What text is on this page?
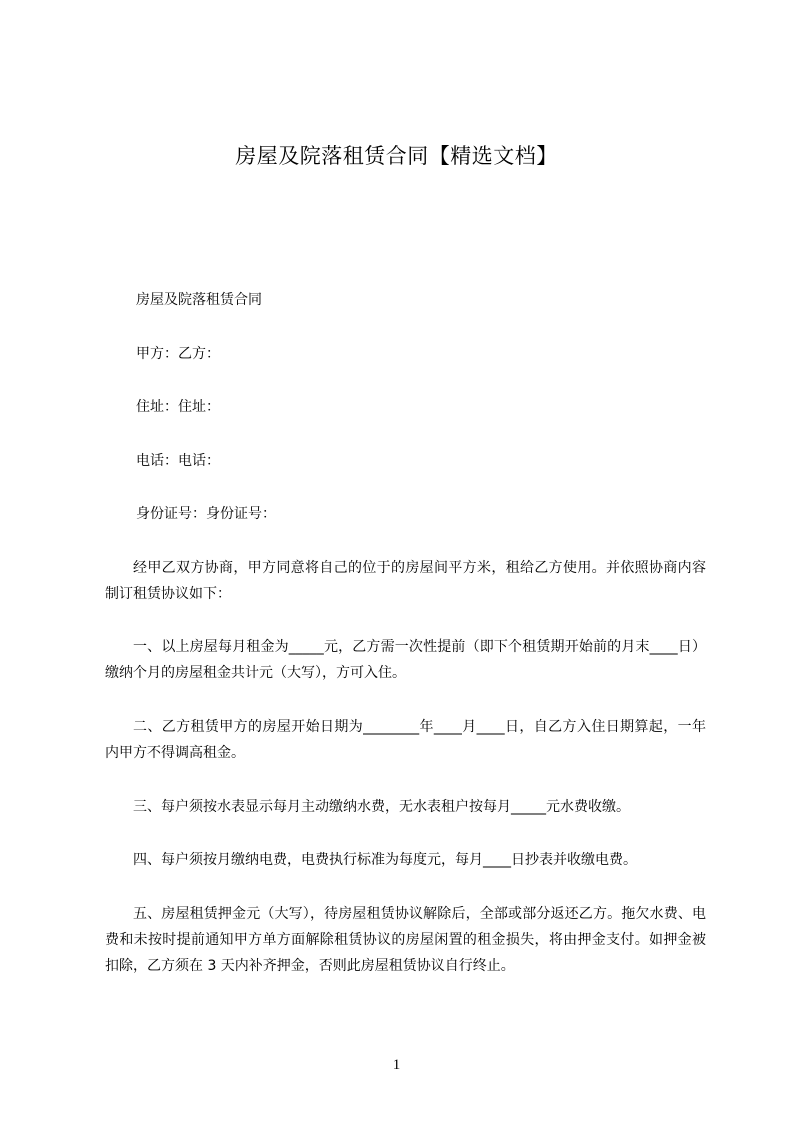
房屋及院落租赁合同【精选文档】
房屋及院落租赁合同
甲方：乙方：
住址：住址：
电话：电话：
身份证号：身份证号：
经甲乙双方协商，甲方同意将自己的位于的房屋间平方米，租给乙方使用。并依照协商内容制订租赁协议如下：
一、以上房屋每月租金为_____元，乙方需一次性提前（即下个租赁期开始前的月末____日）缴纳个月的房屋租金共计元（大写），方可入住。
二、乙方租赁甲方的房屋开始日期为________年____月____日，自乙方入住日期算起，一年内甲方不得调高租金。
三、每户须按水表显示每月主动缴纳水费，无水表租户按每月_____元水费收缴。
四、每户须按月缴纳电费，电费执行标准为每度元，每月____日抄表并收缴电费。
五、房屋租赁押金元（大写），待房屋租赁协议解除后，全部或部分返还乙方。拖欠水费、电费和未按时提前通知甲方单方面解除租赁协议的房屋闲置的租金损失，将由押金支付。如押金被扣除，乙方须在 3 天内补齐押金，否则此房屋租赁协议自行终止。
1
